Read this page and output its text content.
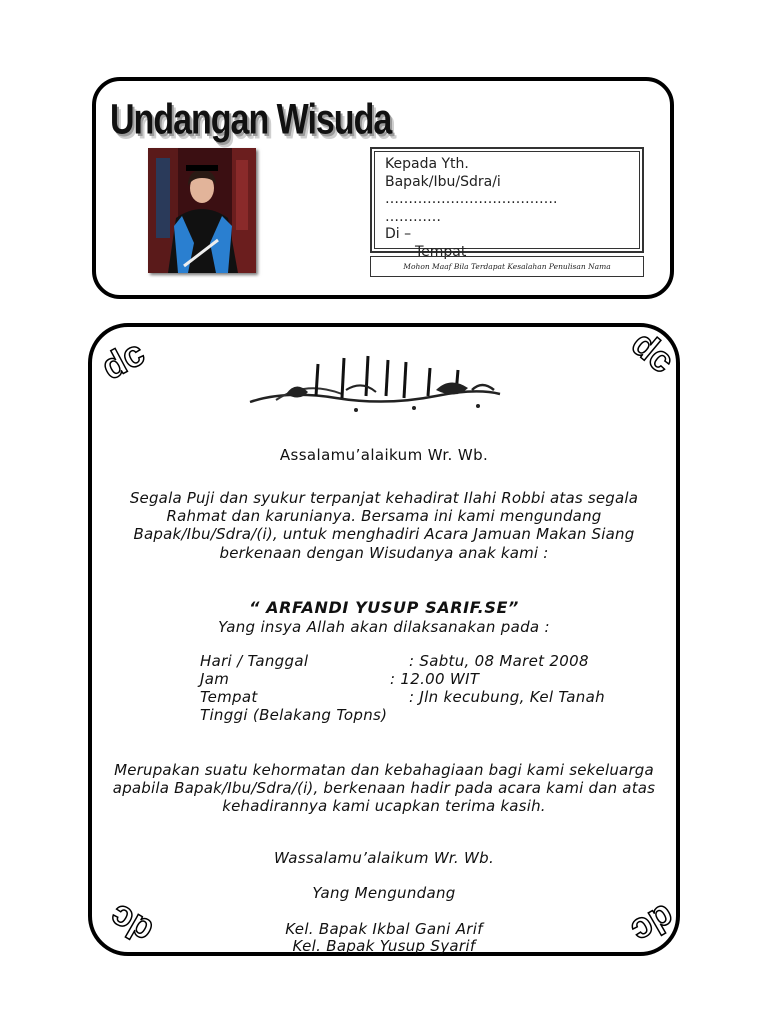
Undangan Wisuda
Kepada Yth.
Bapak/Ibu/Sdra/i
……………………………….
…………
Di –
Tempat
Mohon Maaf Bila Terdapat Kesalahan Penulisan Nama
dc	dc
dc	dc
Assalamu’alaikum Wr. Wb.
Segala Puji dan syukur terpanjat kehadirat Ilahi Robbi atas segala Rahmat dan karunianya. Bersama ini kami mengundang Bapak/Ibu/Sdra/(i), untuk menghadiri Acara Jamuan Makan Siang berkenaan dengan Wisudanya anak kami :
“ ARFANDI YUSUP SARIF.SE”
Yang insya Allah akan dilaksanakan pada :
Hari / Tanggal	: Sabtu, 08 Maret 2008
Jam	: 12.00 WIT
Tempat	: Jln kecubung, Kel Tanah
Tinggi (Belakang Topns)
Merupakan suatu kehormatan dan kebahagiaan bagi kami sekeluarga apabila Bapak/Ibu/Sdra/(i), berkenaan hadir pada acara kami dan atas kehadirannya kami ucapkan terima kasih.
Wassalamu’alaikum Wr. Wb.
Yang Mengundang
Kel. Bapak Ikbal Gani Arif
Kel. Bapak Yusup Syarif
